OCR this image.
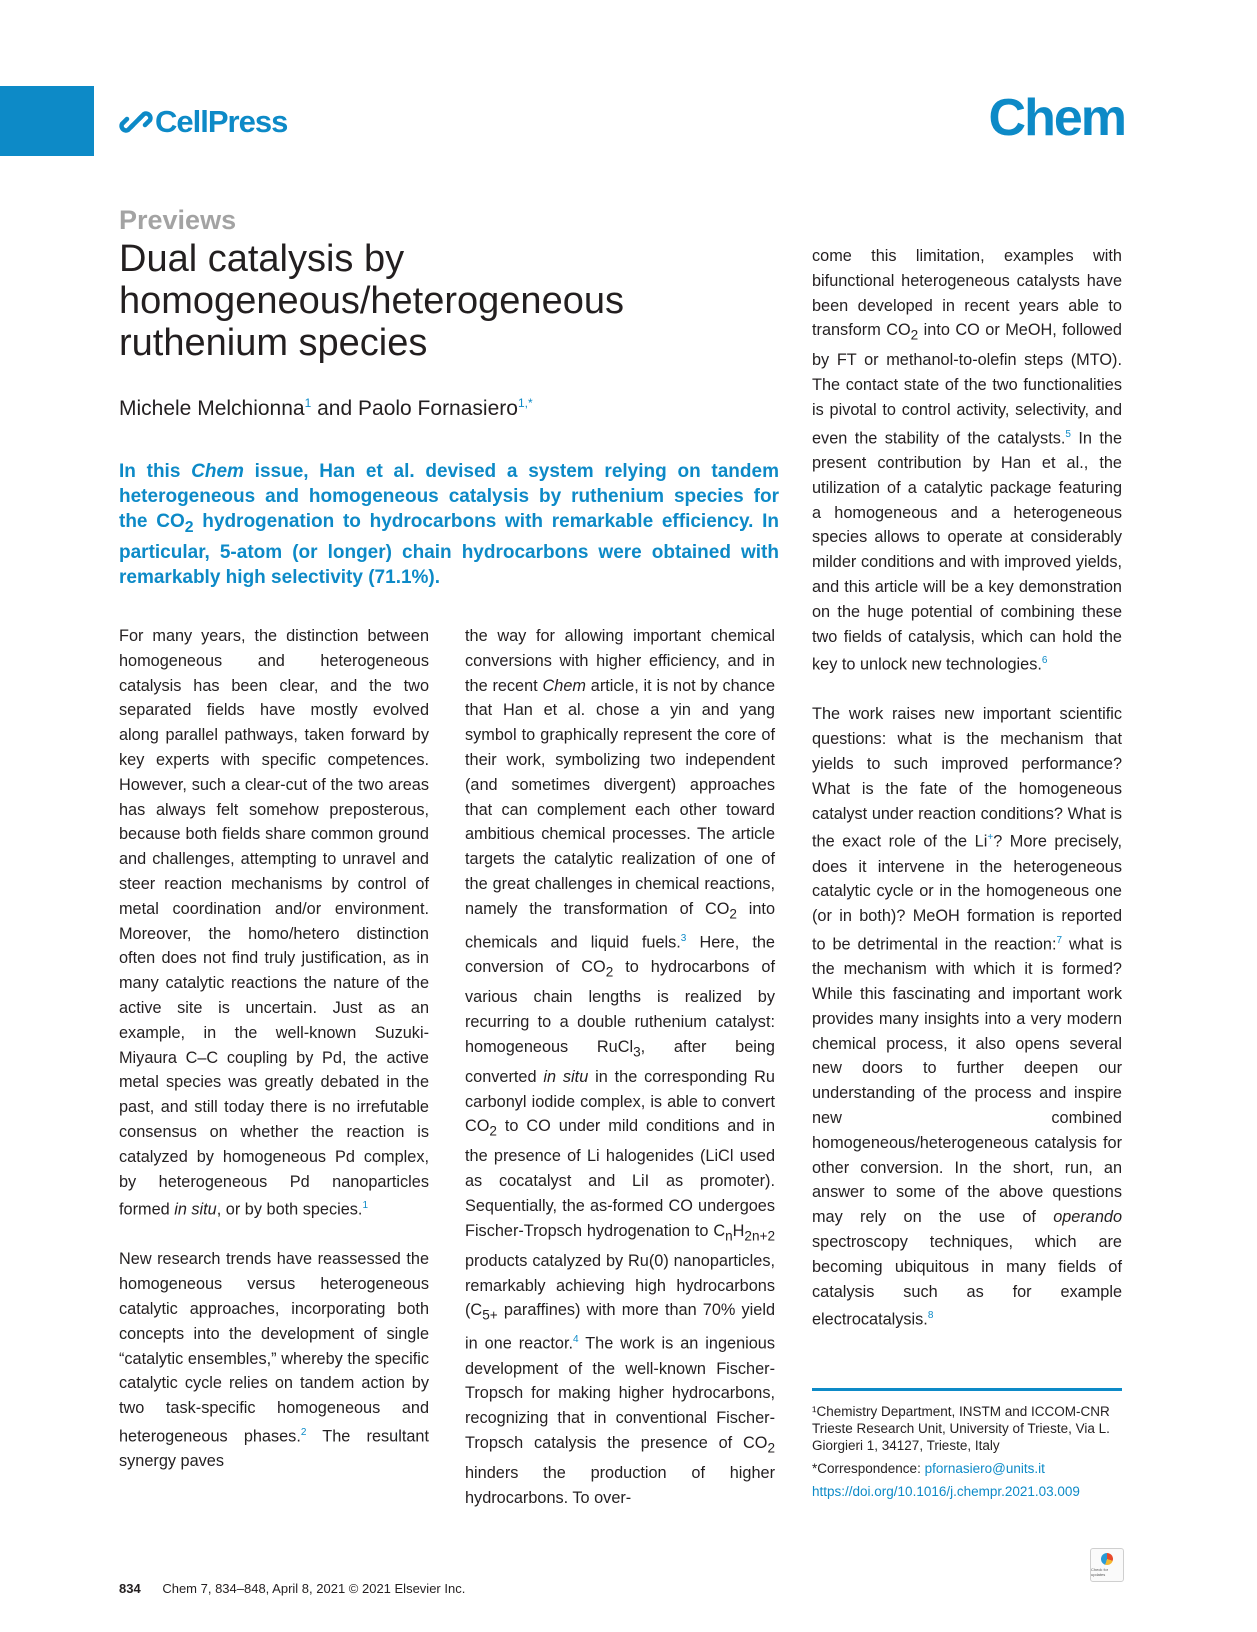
CellPress	Chem
Previews
Dual catalysis by homogeneous/heterogeneous ruthenium species
Michele Melchionna$^1$ and Paolo Fornasiero$^{1,*}$

In this Chem issue, Han et al. devised a system relying on tandem heterogeneous and homogeneous catalysis by ruthenium species for the $CO_2$ hydrogenation to hydrocarbons with remarkable efficiency. In particular, 5-atom (or longer) chain hydrocarbons were obtained with remarkably high selectivity (71.1%).

For many years, the distinction between homogeneous and heterogeneous catalysis has been clear, and the two separated fields have mostly evolved along parallel pathways, taken forward by key experts with specific competences. However, such a clear-cut of the two areas has always felt somehow preposterous, because both fields share common ground and challenges, attempting to unravel and steer reaction mechanisms by control of metal coordination and/or environment. Moreover, the homo/hetero distinction often does not find truly justification, as in many catalytic reactions the nature of the active site is uncertain. Just as an example, in the well-known Suzuki-Miyaura C–C coupling by Pd, the active metal species was greatly debated in the past, and still today there is no irrefutable consensus on whether the reaction is catalyzed by homogeneous Pd complex, by heterogeneous Pd nanoparticles formed in situ, or by both species.$^1$

New research trends have reassessed the homogeneous versus heterogeneous catalytic approaches, incorporating both concepts into the development of single “catalytic ensembles,” whereby the specific catalytic cycle relies on tandem action by two task-specific homogeneous and heterogeneous phases.$^2$ The resultant synergy paves

the way for allowing important chemical conversions with higher efficiency, and in the recent Chem article, it is not by chance that Han et al. chose a yin and yang symbol to graphically represent the core of their work, symbolizing two independent (and sometimes divergent) approaches that can complement each other toward ambitious chemical processes. The article targets the catalytic realization of one of the great challenges in chemical reactions, namely the transformation of $CO_2$ into chemicals and liquid fuels.$^3$ Here, the conversion of $CO_2$ to hydrocarbons of various chain lengths is realized by recurring to a double ruthenium catalyst: homogeneous RuCl$_3$, after being converted in situ in the corresponding Ru carbonyl iodide complex, is able to convert $CO_2$ to CO under mild conditions and in the presence of Li halogenides (LiCl used as cocatalyst and LiI as promoter). Sequentially, the as-formed CO undergoes Fischer-Tropsch hydrogenation to $C_nH_{2n+2}$ products catalyzed by Ru(0) nanoparticles, remarkably achieving high hydrocarbons ($C_{5+}$ paraffines) with more than 70% yield in one reactor.$^4$ The work is an ingenious development of the well-known Fischer-Tropsch for making higher hydrocarbons, recognizing that in conventional Fischer-Tropsch catalysis the presence of $CO_2$ hinders the production of higher hydrocarbons. To over-

come this limitation, examples with bifunctional heterogeneous catalysts have been developed in recent years able to transform $CO_2$ into CO or MeOH, followed by FT or methanol-to-olefin steps (MTO). The contact state of the two functionalities is pivotal to control activity, selectivity, and even the stability of the catalysts.$^5$ In the present contribution by Han et al., the utilization of a catalytic package featuring a homogeneous and a heterogeneous species allows to operate at considerably milder conditions and with improved yields, and this article will be a key demonstration on the huge potential of combining these two fields of catalysis, which can hold the key to unlock new technologies.$^6$

The work raises new important scientific questions: what is the mechanism that yields to such improved performance? What is the fate of the homogeneous catalyst under reaction conditions? What is the exact role of the Li+? More precisely, does it intervene in the heterogeneous catalytic cycle or in the homogeneous one (or in both)? MeOH formation is reported to be detrimental in the reaction:$^7$ what is the mechanism with which it is formed? While this fascinating and important work provides many insights into a very modern chemical process, it also opens several new doors to further deepen our understanding of the process and inspire new combined homogeneous/heterogeneous catalysis for other conversion. In the short, run, an answer to some of the above questions may rely on the use of operando spectroscopy techniques, which are becoming ubiquitous in many fields of catalysis such as for example electrocatalysis.$^8$

¹Chemistry Department, INSTM and ICCOM-CNR Trieste Research Unit, University of Trieste, Via L. Giorgieri 1, 34127, Trieste, Italy
*Correspondence: pfornasiero@units.it
https://doi.org/10.1016/j.chempr.2021.03.009
834 Chem 7, 834–848, April 8, 2021 © 2021 Elsevier Inc.
Check for updates
